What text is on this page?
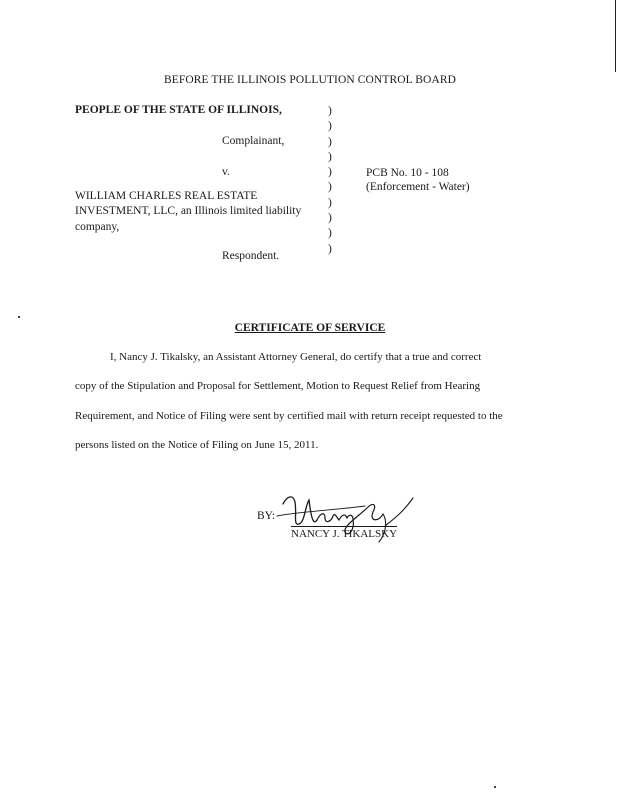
BEFORE THE ILLINOIS POLLUTION CONTROL BOARD
PEOPLE OF THE STATE OF ILLINOIS,
Complainant,
v.
WILLIAM CHARLES REAL ESTATE
INVESTMENT, LLC, an Illinois limited liability
company,
Respondent.
)
)
)
)
)
)
)
)
)
)
PCB No. 10 - 108
(Enforcement - Water)
CERTIFICATE OF SERVICE
I, Nancy J. Tikalsky, an Assistant Attorney General, do certify that a true and correct
copy of the Stipulation and Proposal for Settlement, Motion to Request Relief from Hearing
Requirement, and Notice of Filing were sent by certified mail with return receipt requested to the
persons listed on the Notice of Filing on June 15, 2011.
BY:
NANCY J. TIKALSKY
